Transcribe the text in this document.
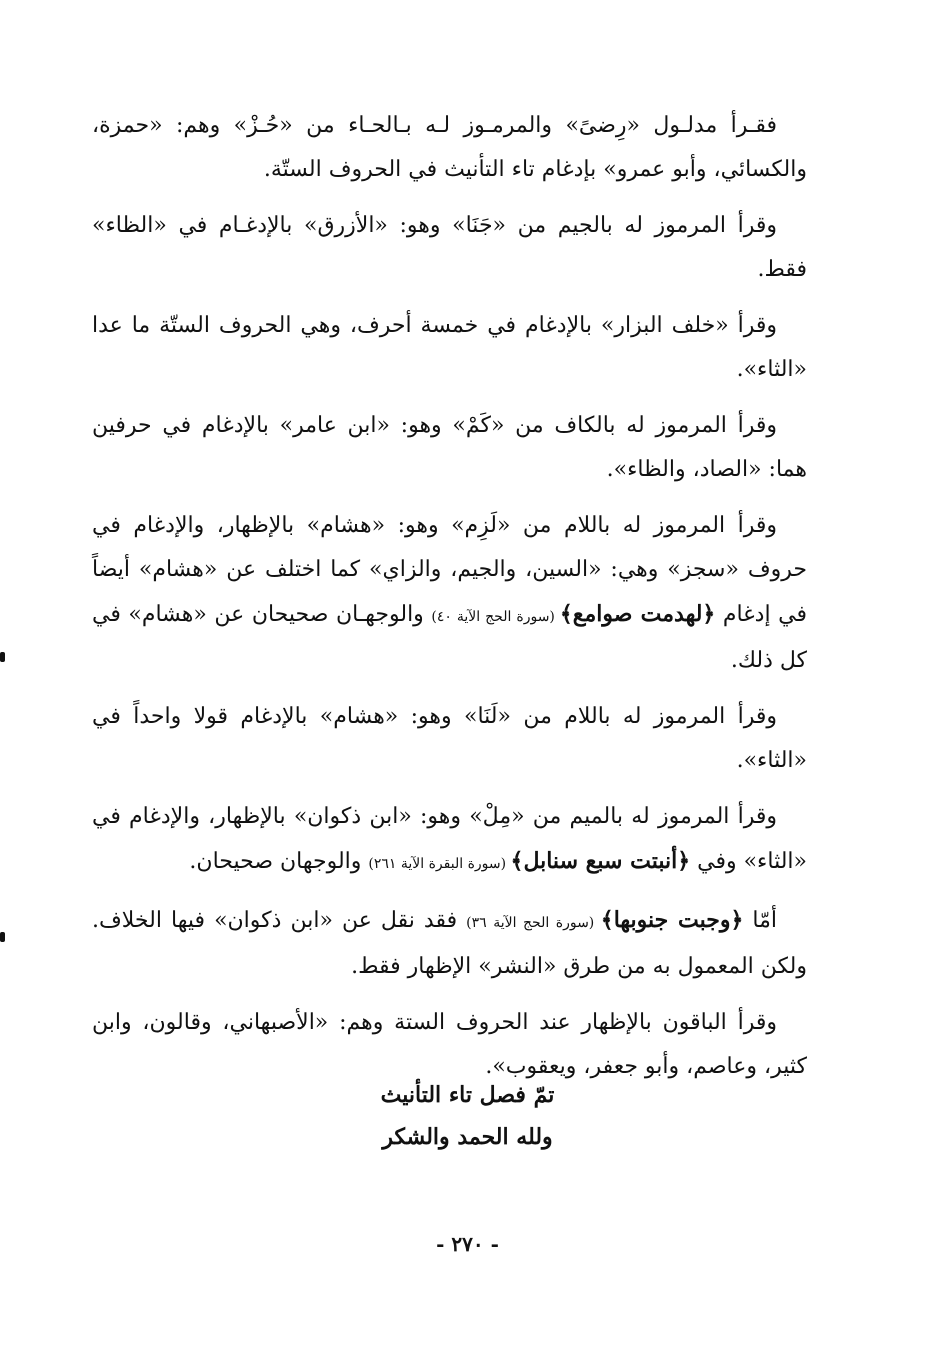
فقـرأ مدلـول «رِضىً» والمرمـوز لـه بـالحـاء من «حُـزْ» وهم: «حمزة، والكسائي، وأبو عمرو» بإدغام تاء التأنيث في الحروف الستّة.

وقرأ المرموز له بالجيم من «جَنَا» وهو: «الأزرق» بالإدغـام في «الظاء» فقط.

وقرأ «خلف البزار» بالإدغام في خمسة أحرف، وهي الحروف الستّة ما عدا «الثاء».

وقرأ المرموز له بالكاف من «كَمْ» وهو: «ابن عامر» بالإدغام في حرفين هما: «الصاد، والظاء».

وقرأ المرموز له باللام من «لَزِم» وهو: «هشام» بالإظهار، والإدغام في حروف «سجز» وهي: «السين، والجيم، والزاي» كما اختلف عن «هشام» أيضاً في إدغام ﴿لهدمت صوامع﴾ (سورة الحج الآية ٤٠) والوجهـان صحيحان عن «هشام» في كل ذلك.

وقرأ المرموز له باللام من «لَنَا» وهو: «هشام» بالإدغام قولا واحداً في «الثاء».

وقرأ المرموز له بالميم من «مِلْ» وهو: «ابن ذكوان» بالإظهار، والإدغام في «الثاء» وفي ﴿أنبتت سبع سنابل﴾ (سورة البقرة الآية ٢٦١) والوجهان صحيحان.

أمّا ﴿وجبت جنوبها﴾ (سورة الحج الآية ٣٦) فقد نقل عن «ابن ذكوان» فيها الخلاف. ولكن المعمول به من طرق «النشر» الإظهار فقط.

وقرأ الباقون بالإظهار عند الحروف الستة وهم: «الأصبهاني، وقالون، وابن كثير، وعاصم، وأبو جعفر، ويعقوب».

تمّ فصل تاء التأنيث
ولله الحمد والشكر
- ٢٧٠ -
